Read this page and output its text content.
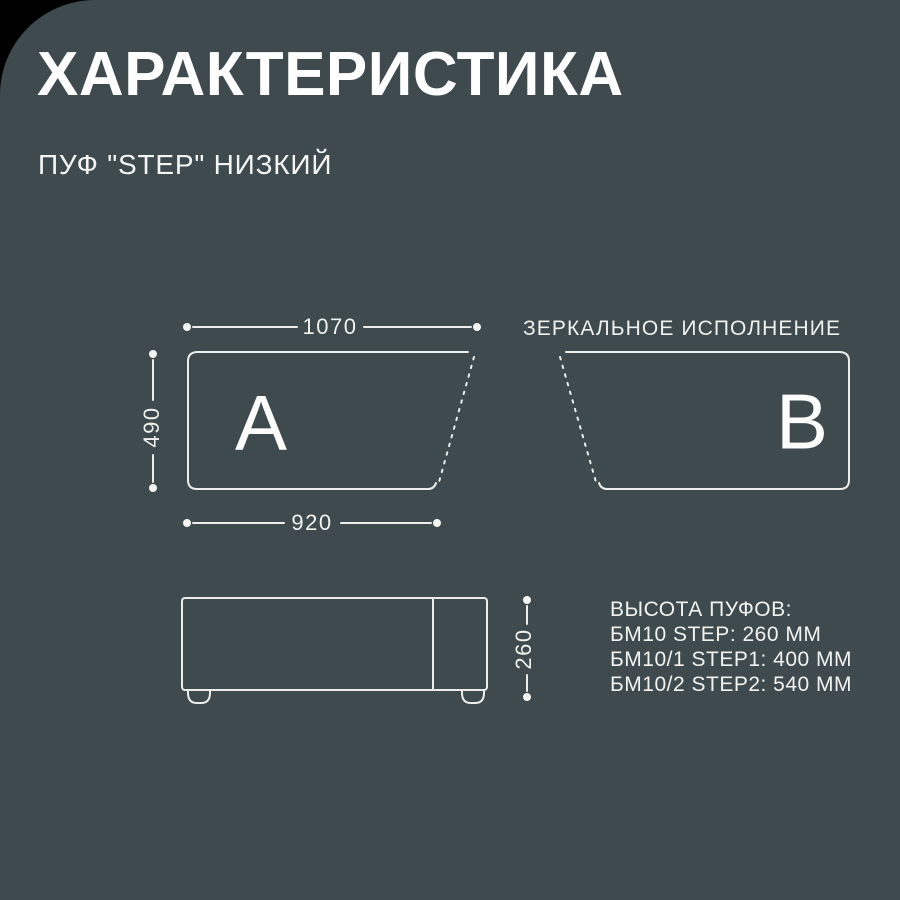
ХАРАКТЕРИСТИКА
ПУФ "STEP" НИЗКИЙ
1070
490
920
260
A	B
ЗЕРКАЛЬНОЕ ИСПОЛНЕНИЕ
ВЫСОТА ПУФОВ:
БМ10 STEP: 260 ММ
БМ10/1 STEP1: 400 ММ
БМ10/2 STEP2: 540 ММ
